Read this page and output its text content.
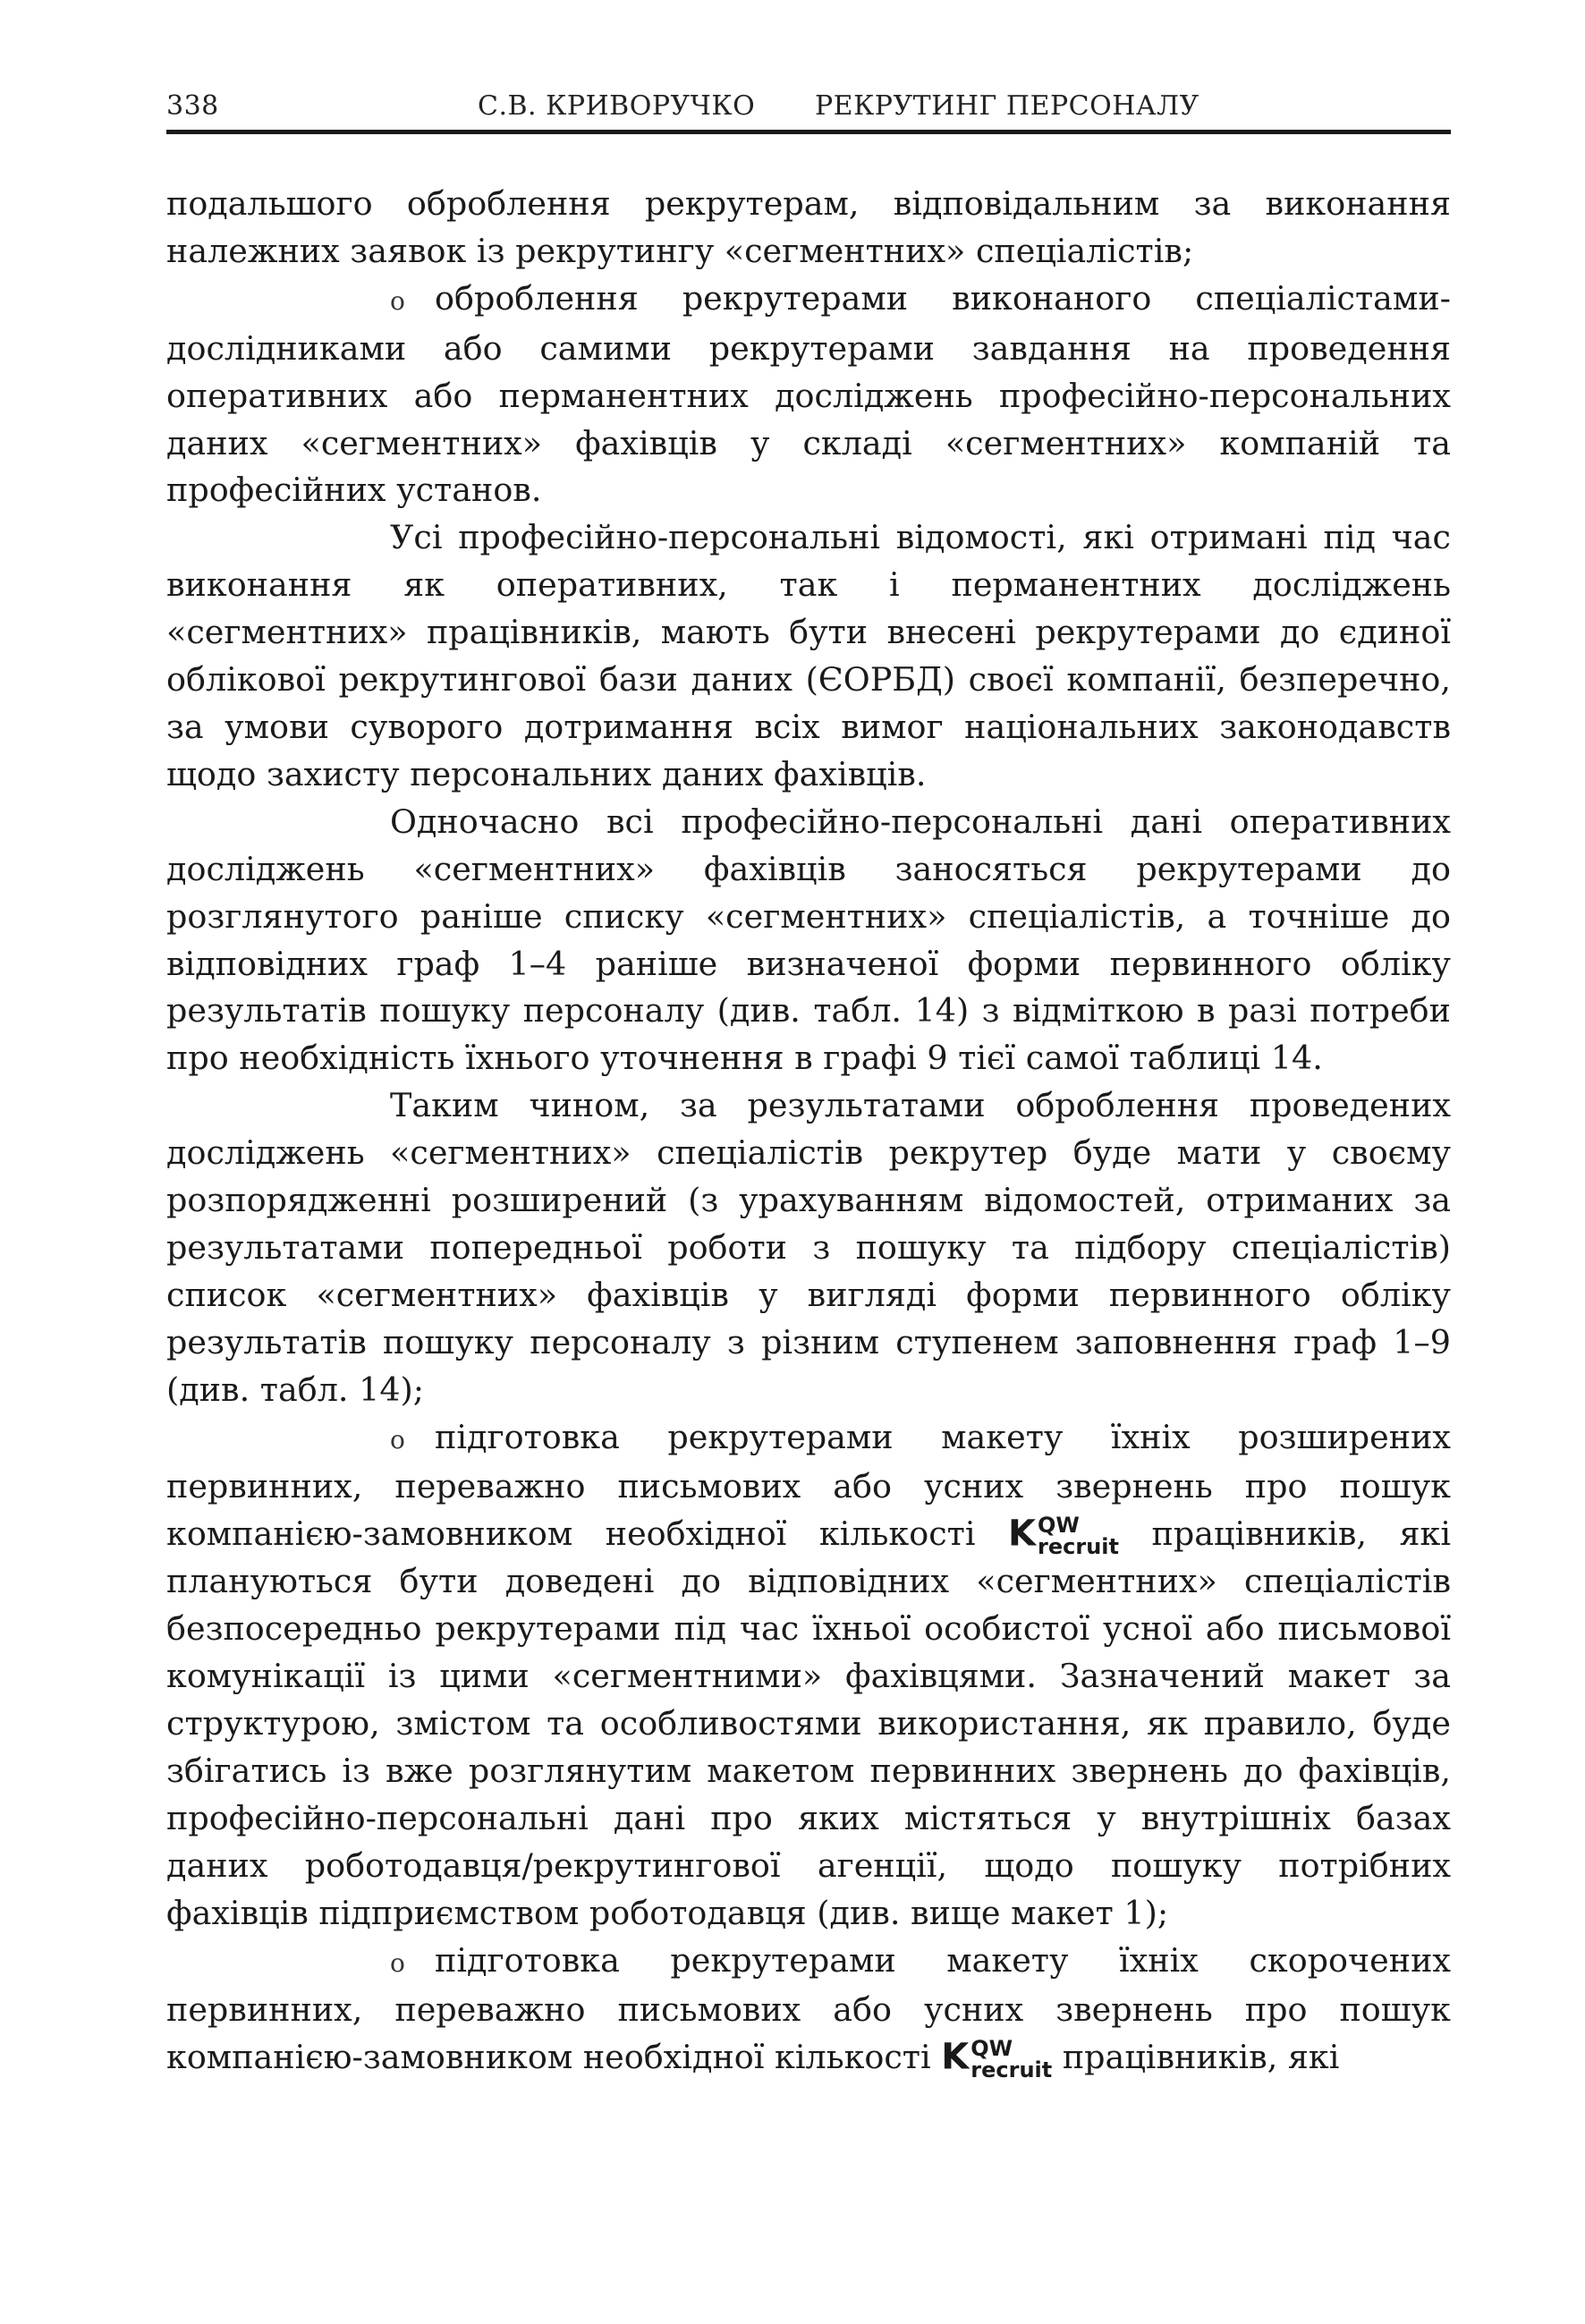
338	С.В. КРИВОРУЧКО РЕКРУТИНГ ПЕРСОНАЛУ

подальшого оброблення рекрутерам, відповідальним за виконання належних заявок із рекрутингу «сегментних» спеціалістів;

o оброблення рекрутерами виконаного спеціалістами-дослідниками або самими рекрутерами завдання на проведення оперативних або перманентних досліджень професійно-персональних даних «сегментних» фахівців у складі «сегментних» компаній та професійних установ.

Усі професійно-персональні відомості, які отримані під час виконання як оперативних, так і перманентних досліджень «сегментних» працівників, мають бути внесені рекрутерами до єдиної облікової рекрутингової бази даних (ЄОРБД) своєї компанії, безперечно, за умови суворого дотримання всіх вимог національних законодавств щодо захисту персональних даних фахівців.

Одночасно всі професійно-персональні дані оперативних досліджень «сегментних» фахівців заносяться рекрутерами до розглянутого раніше списку «сегментних» спеціалістів, а точніше до відповідних граф 1–4 раніше визначеної форми первинного обліку результатів пошуку персоналу (див. табл. 14) з відміткою в разі потреби про необхідність їхнього уточнення в графі 9 тієї самої таблиці 14.

Таким чином, за результатами оброблення проведених досліджень «сегментних» спеціалістів рекрутер буде мати у своєму розпорядженні розширений (з урахуванням відомостей, отриманих за результатами попередньої роботи з пошуку та підбору спеціалістів) список «сегментних» фахівців у вигляді форми первинного обліку результатів пошуку персоналу з різним ступенем заповнення граф 1–9 (див. табл. 14);

o підготовка рекрутерами макету їхніх розширених первинних, переважно письмових або усних звернень про пошук компанією-замовником необхідної кількості K QW
recruit працівників, які плануються бути доведені до відповідних «сегментних» спеціалістів безпосередньо рекрутерами під час їхньої особистої усної або письмової комунікації із цими «сегментними» фахівцями. Зазначений макет за структурою, змістом та особливостями використання, як правило, буде збігатись із вже розглянутим макетом первинних звернень до фахівців, професійно-персональні дані про яких містяться у внутрішніх базах даних роботодавця/рекрутингової агенції, щодо пошуку потрібних фахівців підприємством роботодавця (див. вище макет 1);

o підготовка рекрутерами макету їхніх скорочених первинних, переважно письмових або усних звернень про пошук компанією-замовником необхідної кількості K QW
recruit працівників, які
